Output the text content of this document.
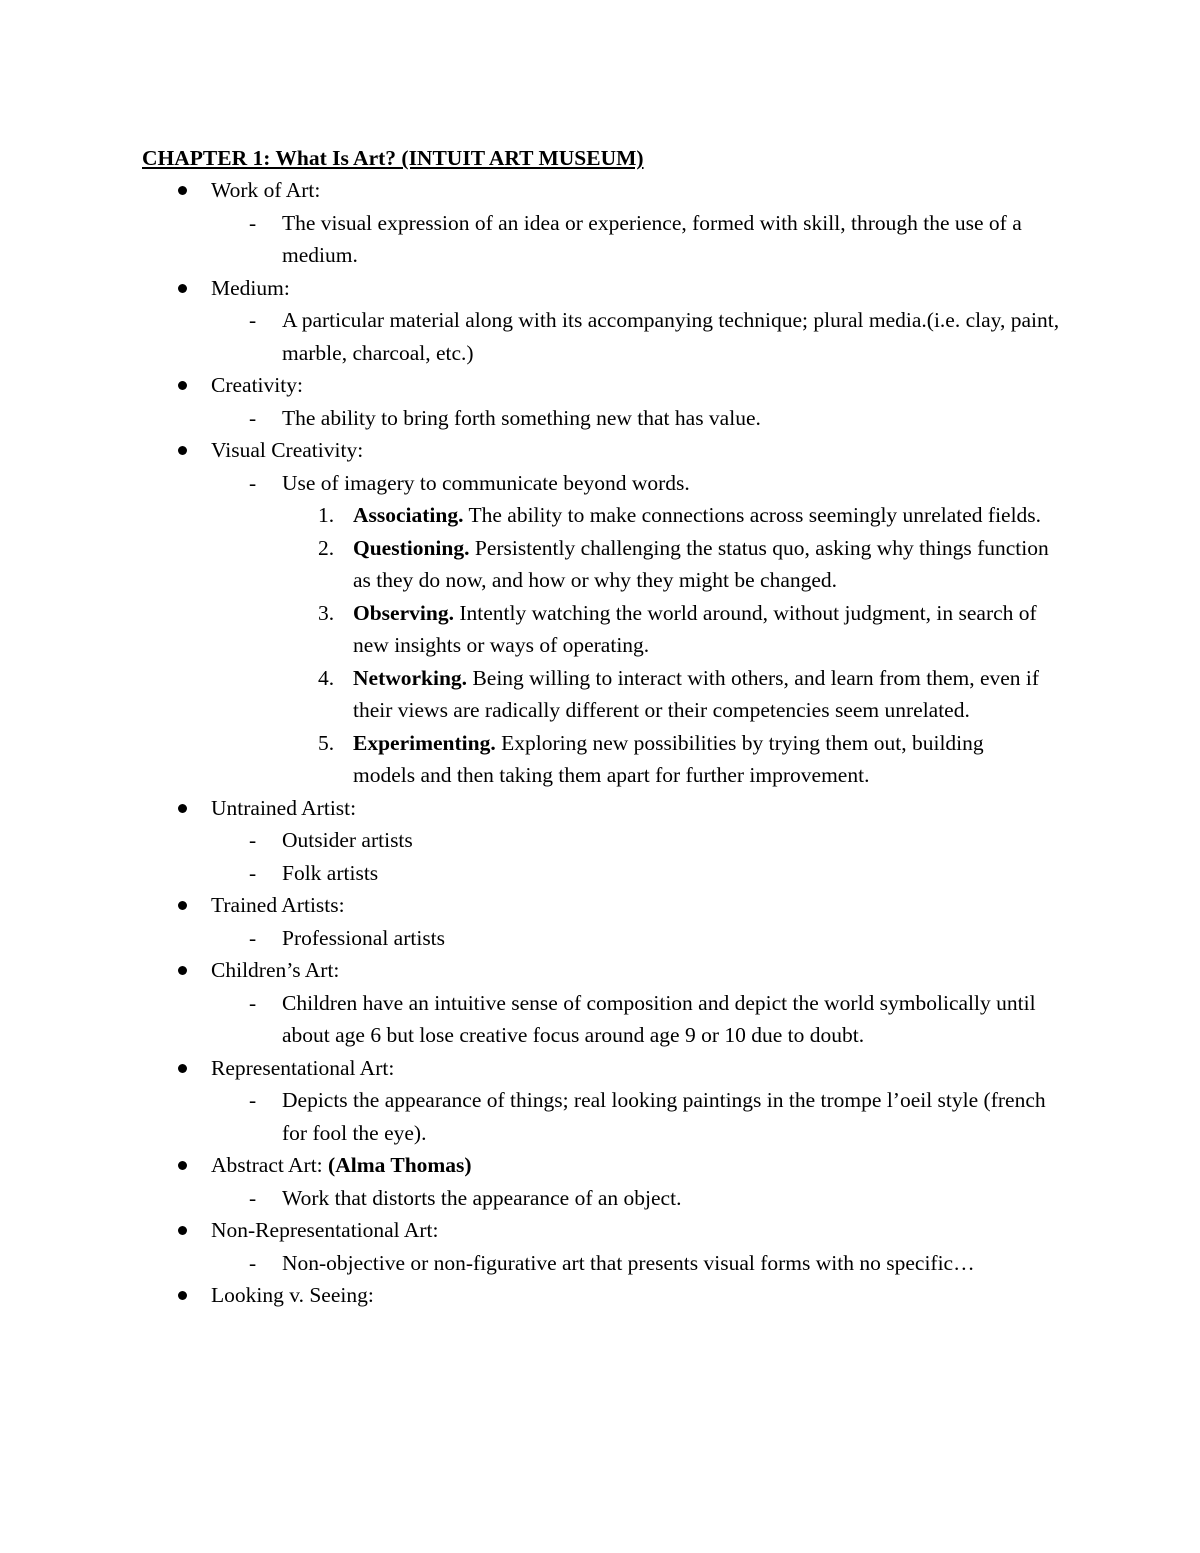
CHAPTER 1: What Is Art? (INTUIT ART MUSEUM)
Work of Art:
- The visual expression of an idea or experience, formed with skill, through the use of a medium.
Medium:
- A particular material along with its accompanying technique; plural media.(i.e. clay, paint, marble, charcoal, etc.)
Creativity:
- The ability to bring forth something new that has value.
Visual Creativity:
- Use of imagery to communicate beyond words.
1. Associating. The ability to make connections across seemingly unrelated fields.
2. Questioning. Persistently challenging the status quo, asking why things function as they do now, and how or why they might be changed.
3. Observing. Intently watching the world around, without judgment, in search of new insights or ways of operating.
4. Networking. Being willing to interact with others, and learn from them, even if their views are radically different or their competencies seem unrelated.
5. Experimenting. Exploring new possibilities by trying them out, building models and then taking them apart for further improvement.
Untrained Artist:
- Outsider artists
- Folk artists
Trained Artists:
- Professional artists
Children’s Art:
- Children have an intuitive sense of composition and depict the world symbolically until about age 6 but lose creative focus around age 9 or 10 due to doubt.
Representational Art:
- Depicts the appearance of things; real looking paintings in the trompe l’oeil style (french for fool the eye).
Abstract Art: (Alma Thomas)
- Work that distorts the appearance of an object.
Non-Representational Art:
- Non-objective or non-figurative art that presents visual forms with no specific…
Looking v. Seeing:
